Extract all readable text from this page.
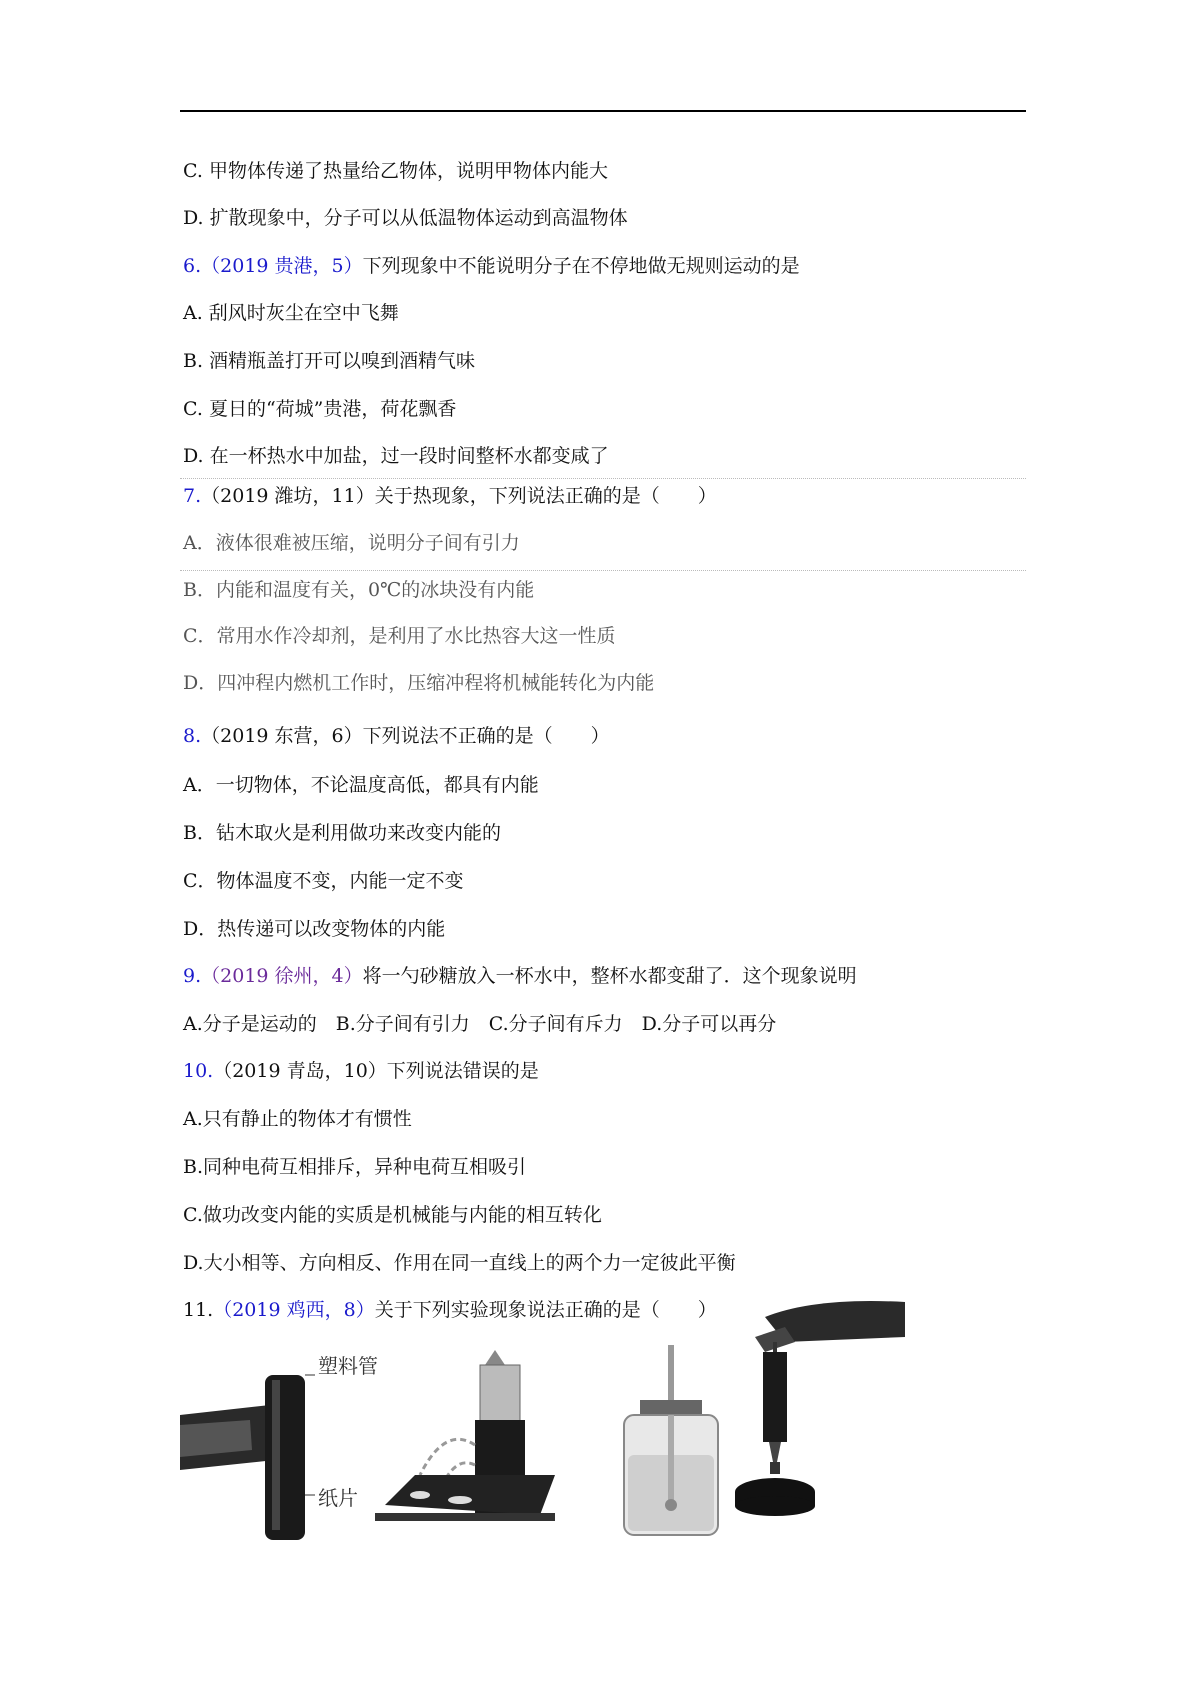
C. 甲物体传递了热量给乙物体，说明甲物体内能大
D. 扩散现象中，分子可以从低温物体运动到高温物体
6.（2019 贵港，5）下列现象中不能说明分子在不停地做无规则运动的是
A. 刮风时灰尘在空中飞舞
B. 酒精瓶盖打开可以嗅到酒精气味
C. 夏日的“荷城”贵港，荷花飘香
D. 在一杯热水中加盐，过一段时间整杯水都变咸了
7.（2019 潍坊，11）关于热现象，下列说法正确的是（　　）
A．液体很难被压缩，说明分子间有引力
B．内能和温度有关，0℃的冰块没有内能
C．常用水作冷却剂，是利用了水比热容大这一性质
D．四冲程内燃机工作时，压缩冲程将机械能转化为内能
8.（2019 东营，6）下列说法不正确的是（　　）
A．一切物体，不论温度高低，都具有内能
B．钻木取火是利用做功来改变内能的
C．物体温度不变，内能一定不变
D．热传递可以改变物体的内能
9.（2019 徐州，4）将一勺砂糖放入一杯水中，整杯水都变甜了．这个现象说明
A.分子是运动的　B.分子间有引力　C.分子间有斥力　D.分子可以再分
10.（2019 青岛，10）下列说法错误的是
A.只有静止的物体才有惯性
B.同种电荷互相排斥，异种电荷互相吸引
C.做功改变内能的实质是机械能与内能的相互转化
D.大小相等、方向相反、作用在同一直线上的两个力一定彼此平衡
11.（2019 鸡西，8）关于下列实验现象说法正确的是（　　）
塑料管
纸片
